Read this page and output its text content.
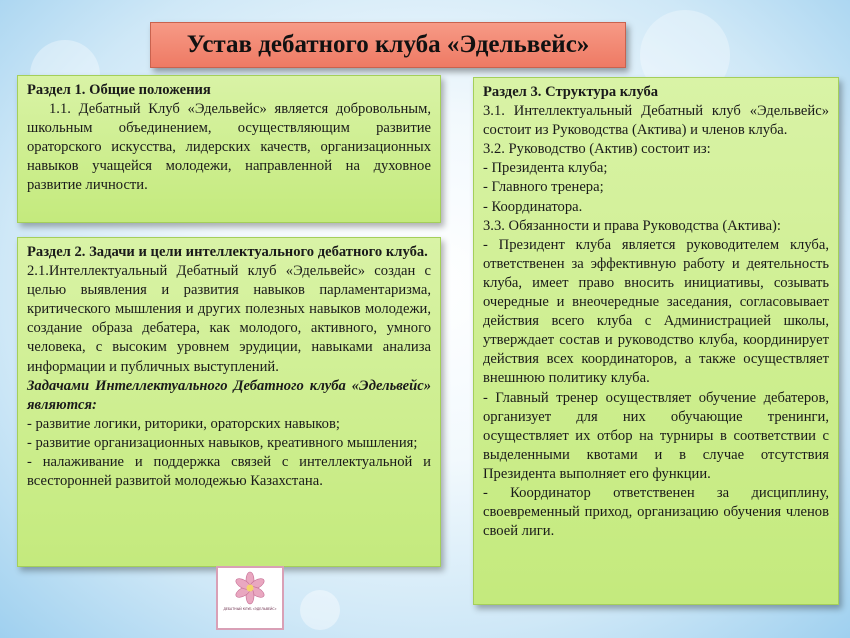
Устав дебатного клуба «Эдельвейс»

Раздел 1. Общие положения

1.1. Дебатный Клуб «Эдельвейс» является добровольным, школьным объединением, осуществляющим развитие ораторского искусства, лидерских качеств, организационных навыков учащейся молодежи, направленной на духовное развитие личности.

Раздел 2. Задачи и цели интеллектуального дебатного клуба.

2.1.Интеллектуальный Дебатный клуб «Эдельвейс» создан с целью выявления и развития навыков парламентаризма, критического мышления и других полезных навыков молодежи, создание образа дебатера, как молодого, активного, умного человека, с высоким уровнем эрудиции, навыками анализа информации и публичных выступлений.

Задачами Интеллектуального Дебатного клуба «Эдельвейс» являются:

- развитие логики, риторики, ораторских навыков;

- развитие организационных навыков, креативного мышления;

- налаживание и поддержка связей с интеллектуальной и всесторонней развитой молодежью Казахстана.

Раздел 3. Структура клуба

3.1. Интеллектуальный Дебатный клуб «Эдельвейс» состоит из Руководства (Актива) и членов клуба.

3.2. Руководство (Актив) состоит из:

- Президента клуба;

- Главного тренера;

- Координатора.

3.3. Обязанности и права Руководства (Актива):

- Президент клуба является руководителем клуба, ответственен за эффективную работу и деятельность клуба, имеет право вносить инициативы, созывать очередные и внеочередные заседания, согласовывает действия всего клуба с Администрацией школы, утверждает состав и руководство клуба, координирует действия всех координаторов, а также осуществляет внешнюю политику клуба.

- Главный тренер осуществляет обучение дебатеров, организует для них обучающие тренинги, осуществляет их отбор на турниры в соответствии с выделенными квотами и в случае отсутствия Президента выполняет его функции.

- Координатор ответственен за дисциплину, своевременный приход, организацию обучения членов своей лиги.

ДЕБАТНЫЙ КЛУБ «ЭДЕЛЬВЕЙС»
